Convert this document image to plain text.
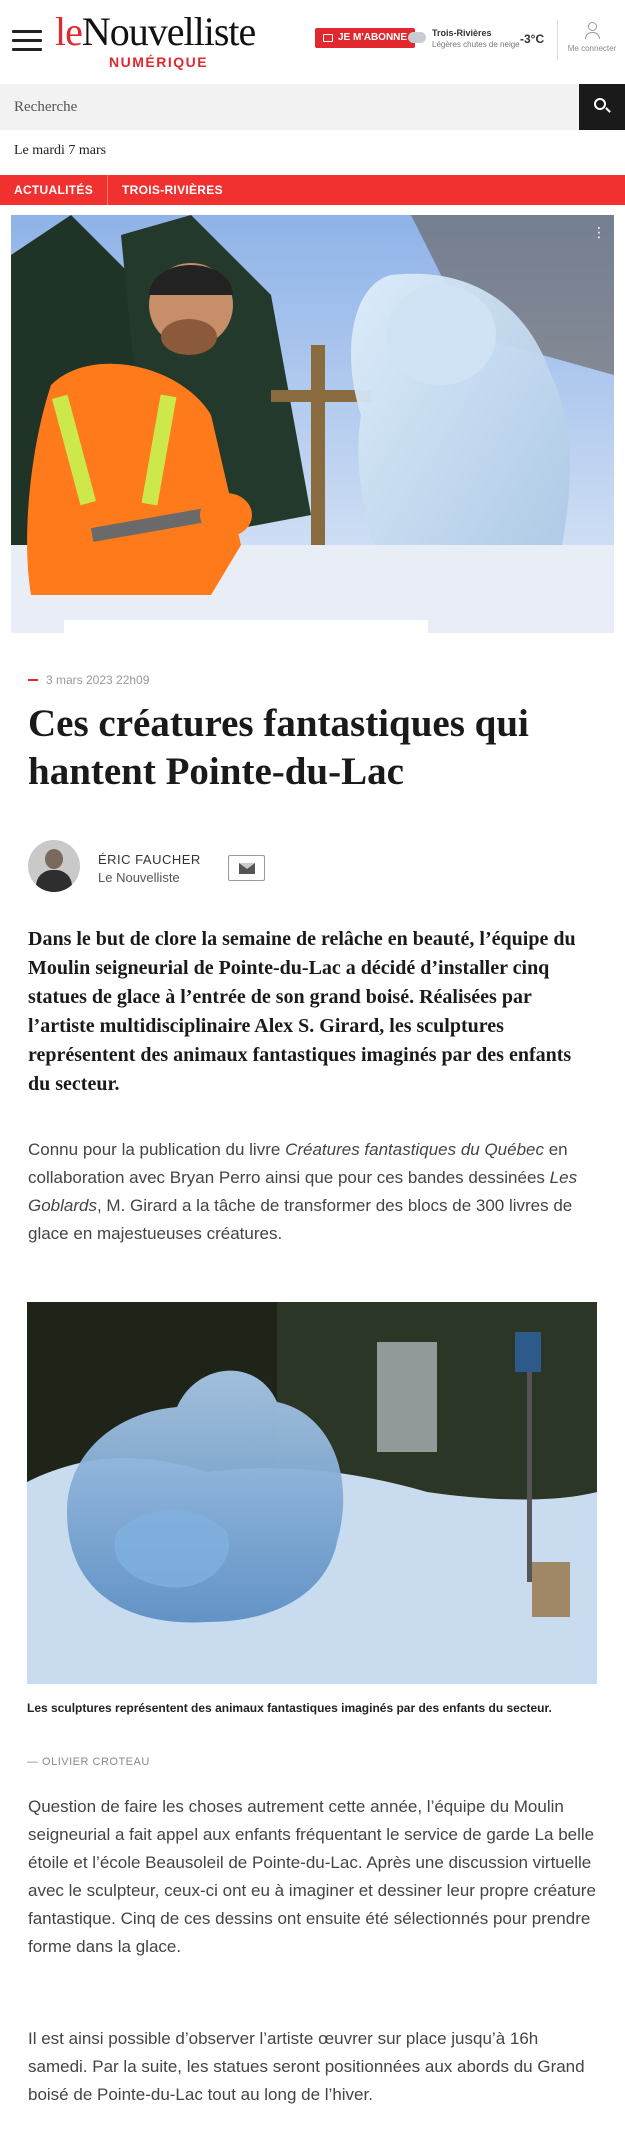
leNouvelliste
NUMÉRIQUE
JE M'ABONNE	Trois-Rivières
Légères chutes de neige -3°C
Me connecter
Recherche
Le mardi 7 mars
ACTUALITÉS	TROIS-RIVIÈRES
⋮
3 mars 2023 22h09
Ces créatures fantastiques qui hantent Pointe-du-Lac
ÉRIC FAUCHER
Le Nouvelliste

Dans le but de clore la semaine de relâche en beauté, l’équipe du Moulin seigneurial de Pointe-du-Lac a décidé d’installer cinq statues de glace à l’entrée de son grand boisé. Réalisées par l’artiste multidisciplinaire Alex S. Girard, les sculptures représentent des animaux fantastiques imaginés par des enfants du secteur.

Connu pour la publication du livre Créatures fantastiques du Québec en collaboration avec Bryan Perro ainsi que pour ces bandes dessinées Les Goblards, M. Girard a la tâche de transformer des blocs de 300 livres de glace en majestueuses créatures.

Les sculptures représentent des animaux fantastiques imaginés par des enfants du secteur.

— OLIVIER CROTEAU

Question de faire les choses autrement cette année, l’équipe du Moulin seigneurial a fait appel aux enfants fréquentant le service de garde La belle étoile et l’école Beausoleil de Pointe-du-Lac. Après une discussion virtuelle avec le sculpteur, ceux-ci ont eu à imaginer et dessiner leur propre créature fantastique. Cinq de ces dessins ont ensuite été sélectionnés pour prendre forme dans la glace.

Il est ainsi possible d’observer l’artiste œuvrer sur place jusqu’à 16h samedi. Par la suite, les statues seront positionnées aux abords du Grand boisé de Pointe-du-Lac tout au long de l’hiver.
